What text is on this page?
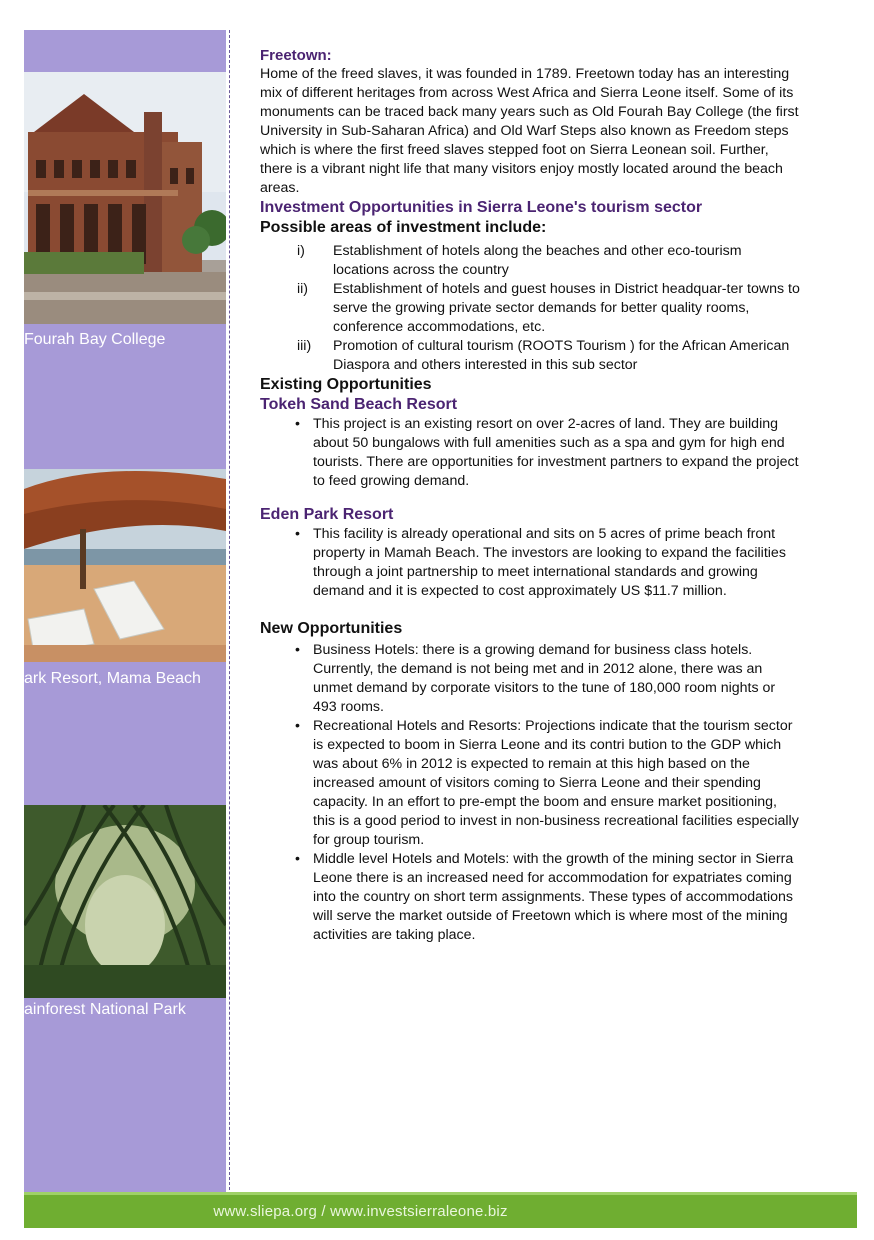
Fourah Bay College
ark Resort, Mama Beach
ainforest National Park
Freetown:

Home of the freed slaves, it was founded in 1789. Freetown today has an interesting mix of different heritages from across West Africa and Sierra Leone itself. Some of its monuments can be traced back many years such as Old Fourah Bay College (the first University in Sub-Saharan Africa) and Old Warf Steps also known as Freedom steps which is where the first freed slaves stepped foot on Sierra Leonean soil. Further, there is a vibrant night life that many visitors enjoy mostly located around the beach areas.

Investment Opportunities in Sierra Leone's tourism sector
Possible areas of investment include:
i) Establishment of hotels along the beaches and other eco-tourism locations across the country
ii) Establishment of hotels and guest houses in District headquar-ter towns to serve the growing private sector demands for better quality rooms, conference accommodations, etc.
iii) Promotion of cultural tourism (ROOTS Tourism ) for the African American Diaspora and others interested in this sub sector
Existing Opportunities
Tokeh Sand Beach Resort
• This project is an existing resort on over 2-acres of land. They are building about 50 bungalows with full amenities such as a spa and gym for high end tourists. There are opportunities for investment partners to expand the project to feed growing demand.
Eden Park Resort
• This facility is already operational and sits on 5 acres of prime beach front property in Mamah Beach. The investors are looking to expand the facilities through a joint partnership to meet international standards and growing demand and it is expected to cost approximately US $11.7 million.
New Opportunities
• Business Hotels: there is a growing demand for business class hotels. Currently, the demand is not being met and in 2012 alone, there was an unmet demand by corporate visitors to the tune of 180,000 room nights or 493 rooms.
• Recreational Hotels and Resorts: Projections indicate that the tourism sector is expected to boom in Sierra Leone and its contri bution to the GDP which was about 6% in 2012 is expected to remain at this high based on the increased amount of visitors coming to Sierra Leone and their spending capacity. In an effort to pre-empt the boom and ensure market positioning, this is a good period to invest in non-business recreational facilities especially for group tourism.
• Middle level Hotels and Motels: with the growth of the mining sector in Sierra Leone there is an increased need for accommodation for expatriates coming into the country on short term assignments. These types of accommodations will serve the market outside of Freetown which is where most of the mining activities are taking place.
www.sliepa.org / www.investsierraleone.biz
